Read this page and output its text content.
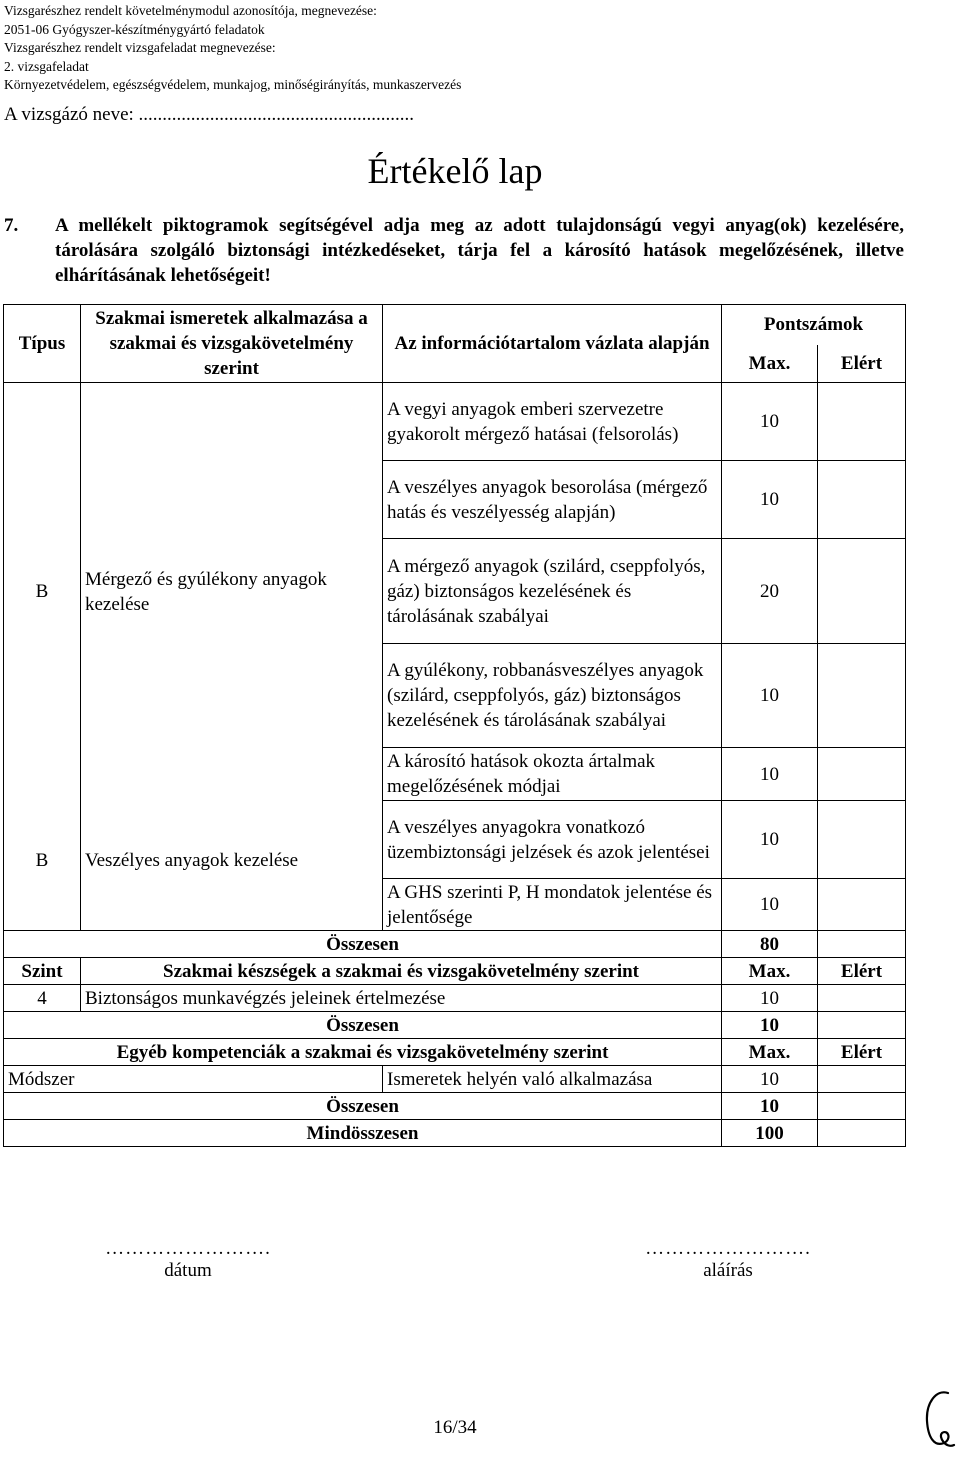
Vizsgarészhez rendelt követelménymodul azonosítója, megnevezése:
2051-06 Gyógyszer-készítménygyártó feladatok
Vizsgarészhez rendelt vizsgafeladat megnevezése:
2. vizsgafeladat
Környezetvédelem, egészségvédelem, munkajog, minőségirányítás, munkaszervezés
A vizsgázó neve: ..........................................................
Értékelő lap
7. A mellékelt piktogramok segítségével adja meg az adott tulajdonságú vegyi anyag(ok) kezelésére, tárolására szolgáló biztonsági intézkedéseket, tárja fel a károsító hatások megelőzésének, illetve elhárításának lehetőségeit!
Típus	Szakmai ismeretek alkalmazása a szakmai és vizsgakövetelmény szerint	Az információtartalom vázlata alapján	Pontszámok	
			Max.	Elért
B	Mérgező és gyúlékony anyagok kezelése	A vegyi anyagok emberi szervezetre gyakorolt mérgező hatásai (felsorolás)	10	
		A veszélyes anyagok besorolása (mérgező hatás és veszélyesség alapján)	10	
		A mérgező anyagok (szilárd, cseppfolyós, gáz) biztonságos kezelésének és tárolásának szabályai	20	
		A gyúlékony, robbanásveszélyes anyagok (szilárd, cseppfolyós, gáz) biztonságos kezelésének és tárolásának szabályai	10	
		A károsító hatások okozta ártalmak megelőzésének módjai	10	
B	Veszélyes anyagok kezelése	A veszélyes anyagokra vonatkozó üzembiztonsági jelzések és azok jelentései	10	
		A GHS szerinti P, H mondatok jelentése és jelentősége	10	
Összesen			80	
Szint	Szakmai készségek a szakmai és vizsgakövetelmény szerint		Max.	Elért
4	Biztonságos munkavégzés jeleinek értelmezése		10	
Összesen			10	
Egyéb kompetenciák a szakmai és vizsgakövetelmény szerint			Max.	Elért
Módszer		Ismeretek helyén való alkalmazása	10	
Összesen			10	
Mindösszesen			100	
…………………….
dátum
…………………….
aláírás
16/34
